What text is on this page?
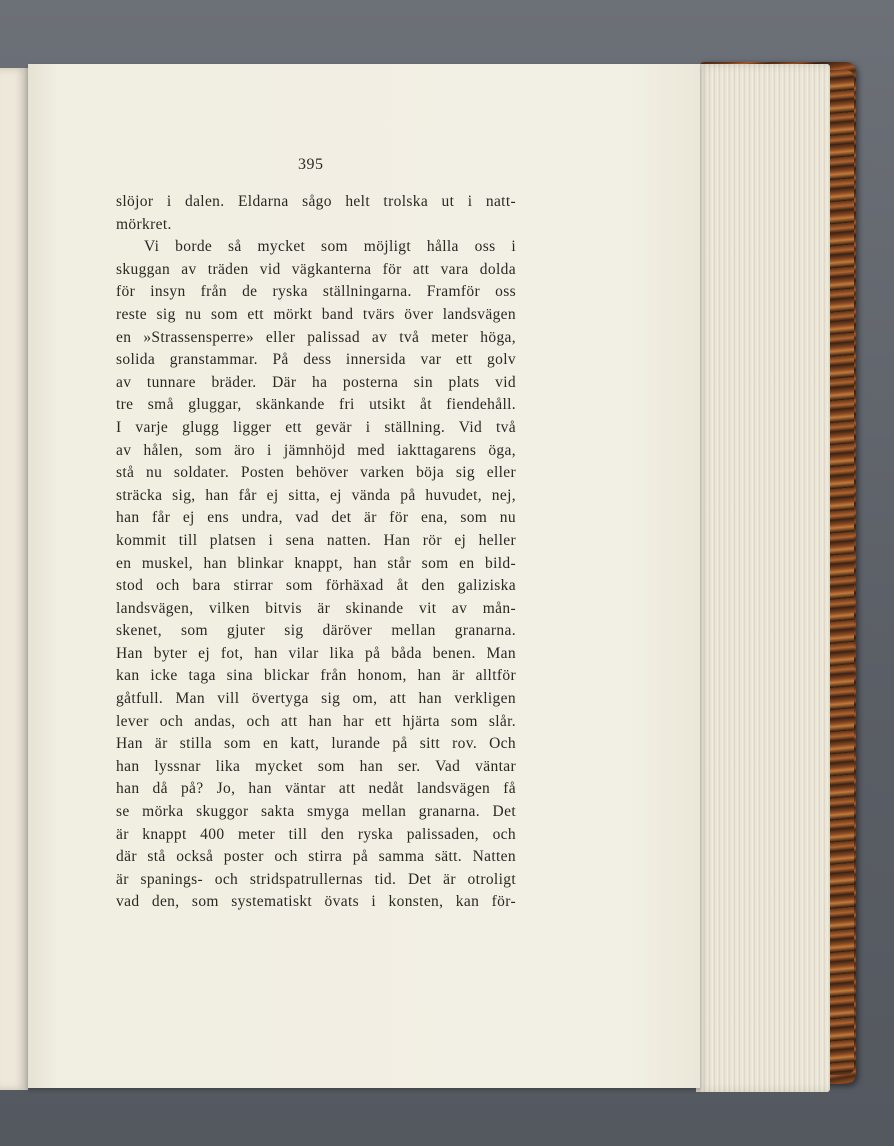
395
slöjor i dalen. Eldarna sågo helt trolska ut i natt-
mörkret.
Vi borde så mycket som möjligt hålla oss i
skuggan av träden vid vägkanterna för att vara dolda
för insyn från de ryska ställningarna. Framför oss
reste sig nu som ett mörkt band tvärs över landsvägen
en »Strassensperre» eller palissad av två meter höga,
solida granstammar. På dess innersida var ett golv
av tunnare bräder. Där ha posterna sin plats vid
tre små gluggar, skänkande fri utsikt åt fiendehåll.
I varje glugg ligger ett gevär i ställning. Vid två
av hålen, som äro i jämnhöjd med iakttagarens öga,
stå nu soldater. Posten behöver varken böja sig eller
sträcka sig, han får ej sitta, ej vända på huvudet, nej,
han får ej ens undra, vad det är för ena, som nu
kommit till platsen i sena natten. Han rör ej heller
en muskel, han blinkar knappt, han står som en bild-
stod och bara stirrar som förhäxad åt den galiziska
landsvägen, vilken bitvis är skinande vit av mån-
skenet, som gjuter sig däröver mellan granarna.
Han byter ej fot, han vilar lika på båda benen. Man
kan icke taga sina blickar från honom, han är alltför
gåtfull. Man vill övertyga sig om, att han verkligen
lever och andas, och att han har ett hjärta som slår.
Han är stilla som en katt, lurande på sitt rov. Och
han lyssnar lika mycket som han ser. Vad väntar
han då på? Jo, han väntar att nedåt landsvägen få
se mörka skuggor sakta smyga mellan granarna. Det
är knappt 400 meter till den ryska palissaden, och
där stå också poster och stirra på samma sätt. Natten
är spanings- och stridspatrullernas tid. Det är otroligt
vad den, som systematiskt övats i konsten, kan för-
